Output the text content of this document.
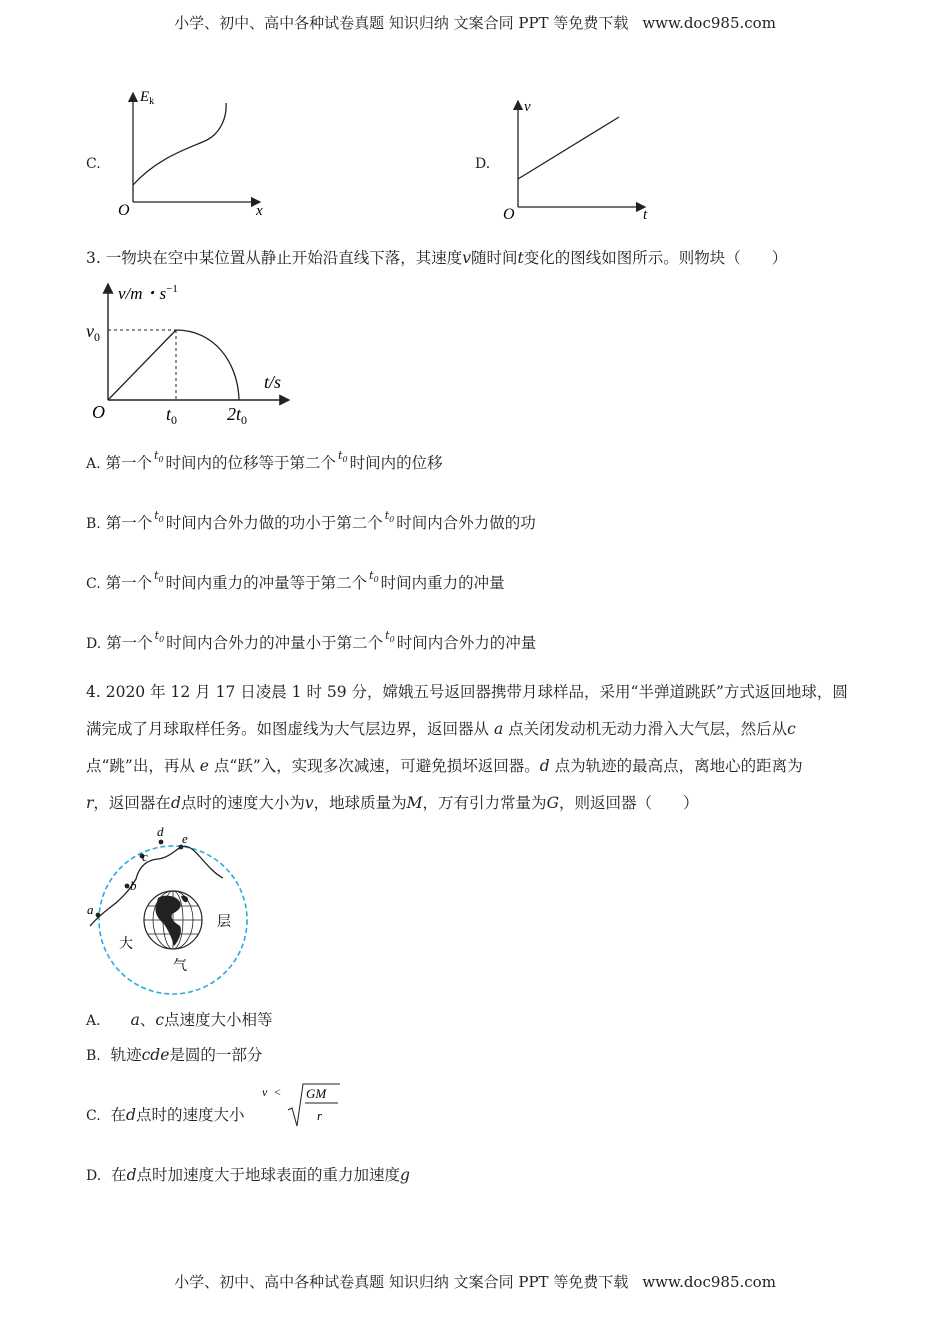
小学、初中、高中各种试卷真题 知识归纳 文案合同 PPT 等免费下载 www.doc985.com
C.
$E_k$
x
O
D.
v
t
O
3. 一物块在空中某位置从静止开始沿直线下落，其速度v随时间t变化的图线如图所示。则物块（　　）
v/m・$s^{-1}$
t/s
$v_0$
$t_0$	$2t_0$
O
A. 第一个 $^{t_0}$ 时间内的位移等于第二个 $^{t_0}$ 时间内的位移
B. 第一个 $^{t_0}$ 时间内合外力做的功小于第二个 $^{t_0}$ 时间内合外力做的功
C. 第一个 $^{t_0}$ 时间内重力的冲量等于第二个 $^{t_0}$ 时间内重力的冲量
D. 第一个 $^{t_0}$ 时间内合外力的冲量小于第二个 $^{t_0}$ 时间内合外力的冲量
4. 2020 年 12 月 17 日凌晨 1 时 59 分，嫦娥五号返回器携带月球样品，采用“半弹道跳跃”方式返回地球，圆
满完成了月球取样任务。如图虚线为大气层边界，返回器从 a 点关闭发动机无动力滑入大气层，然后从c
点“跳”出，再从 e 点“跃”入，实现多次减速，可避免损坏返回器。d 点为轨迹的最高点，离地心的距离为
r，返回器在d点时的速度大小为v，地球质量为M，万有引力常量为G，则返回器（　　）
a
b
c
d e
大
气
层
A. a、c点速度大小相等
B. 轨迹cde是圆的一部分
C. 在d点时的速度大小
v < GM
r
D. 在d点时加速度大于地球表面的重力加速度g
小学、初中、高中各种试卷真题 知识归纳 文案合同 PPT 等免费下载 www.doc985.com
